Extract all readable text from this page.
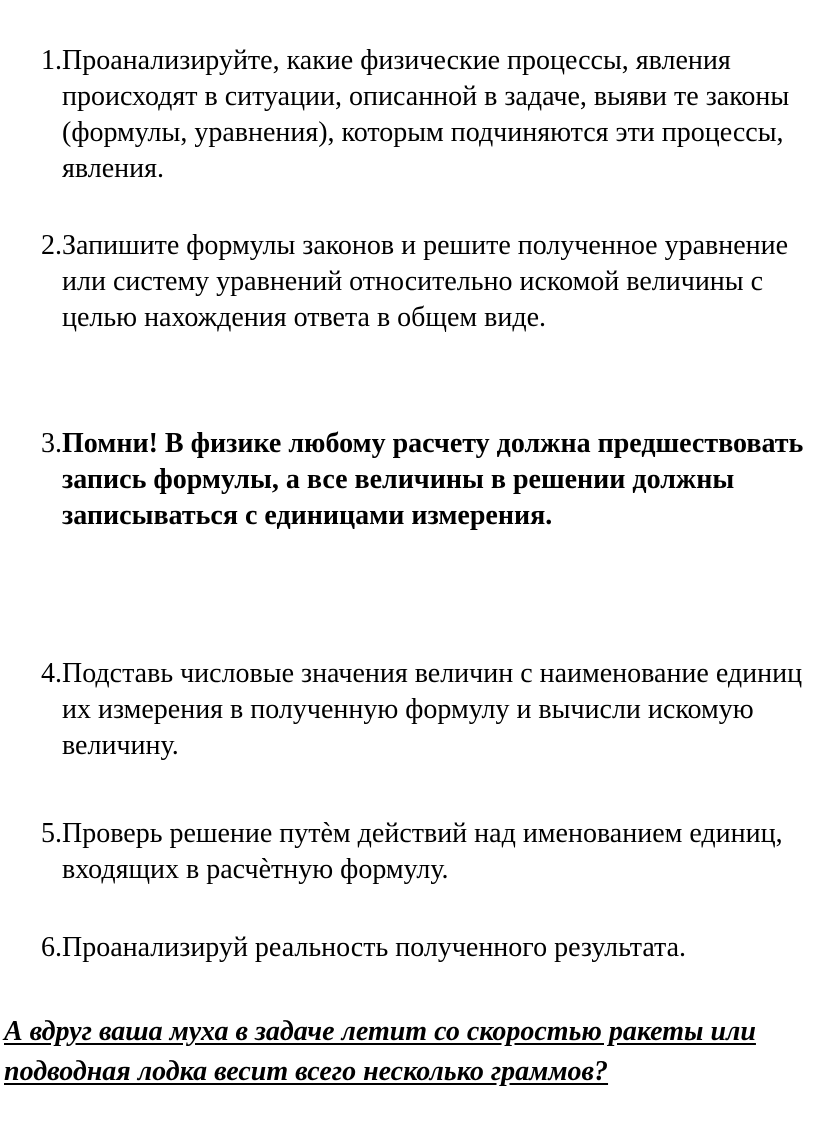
1. Проанализируйте, какие физические процессы, явления происходят в ситуации, описанной в задаче, выяви те законы (формулы, уравнения), которым подчиняются эти процессы, явления.
2. Запишите формулы законов и решите полученное уравнение или систему уравнений относительно искомой величины с целью нахождения ответа в общем виде.
3. Помни! В физике любому расчету должна предшествовать запись формулы, а все величины в решении должны записываться с единицами измерения.
4. Подставь числовые значения величин с наименование единиц их измерения в полученную формулу и вычисли искомую величину.
5. Проверь решение путѐм действий над именованием единиц, входящих в расчѐтную формулу.
6. Проанализируй реальность полученного результата.
А вдруг ваша муха в задаче летит со скоростью ракеты или подводная лодка весит всего несколько граммов?
